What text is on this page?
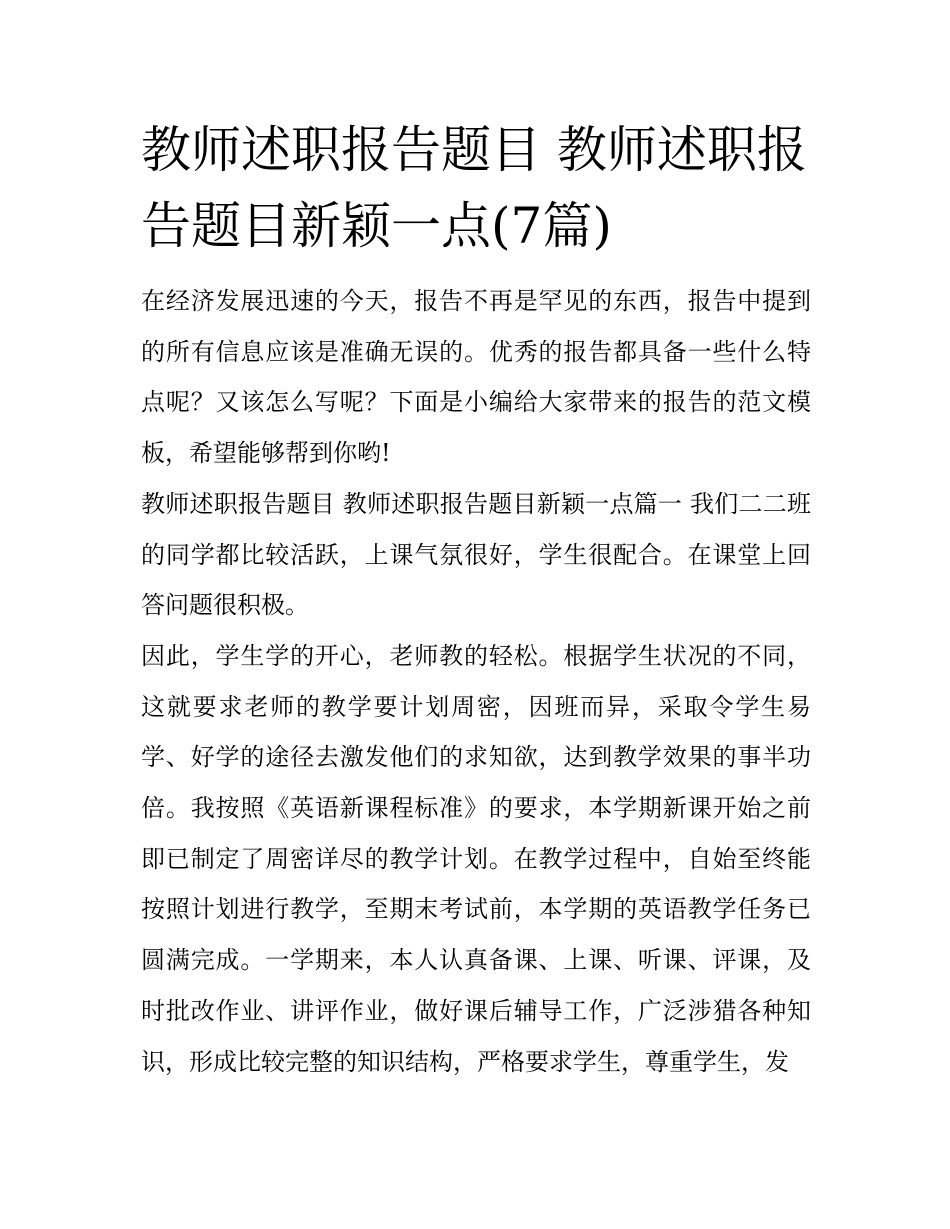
教师述职报告题目 教师述职报告题目新颖一点(7篇)

在经济发展迅速的今天，报告不再是罕见的东西，报告中提到的所有信息应该是准确无误的。优秀的报告都具备一些什么特点呢？又该怎么写呢？下面是小编给大家带来的报告的范文模板，希望能够帮到你哟!

教师述职报告题目 教师述职报告题目新颖一点篇一 我们二二班的同学都比较活跃，上课气氛很好，学生很配合。在课堂上回答问题很积极。

因此，学生学的开心，老师教的轻松。根据学生状况的不同，这就要求老师的教学要计划周密，因班而异，采取令学生易学、好学的途径去激发他们的求知欲，达到教学效果的事半功倍。我按照《英语新课程标准》的要求，本学期新课开始之前即已制定了周密详尽的教学计划。在教学过程中，自始至终能按照计划进行教学，至期末考试前，本学期的英语教学任务已圆满完成。一学期来，本人认真备课、上课、听课、评课，及时批改作业、讲评作业，做好课后辅导工作，广泛涉猎各种知识，形成比较完整的知识结构，严格要求学生，尊重学生，发
